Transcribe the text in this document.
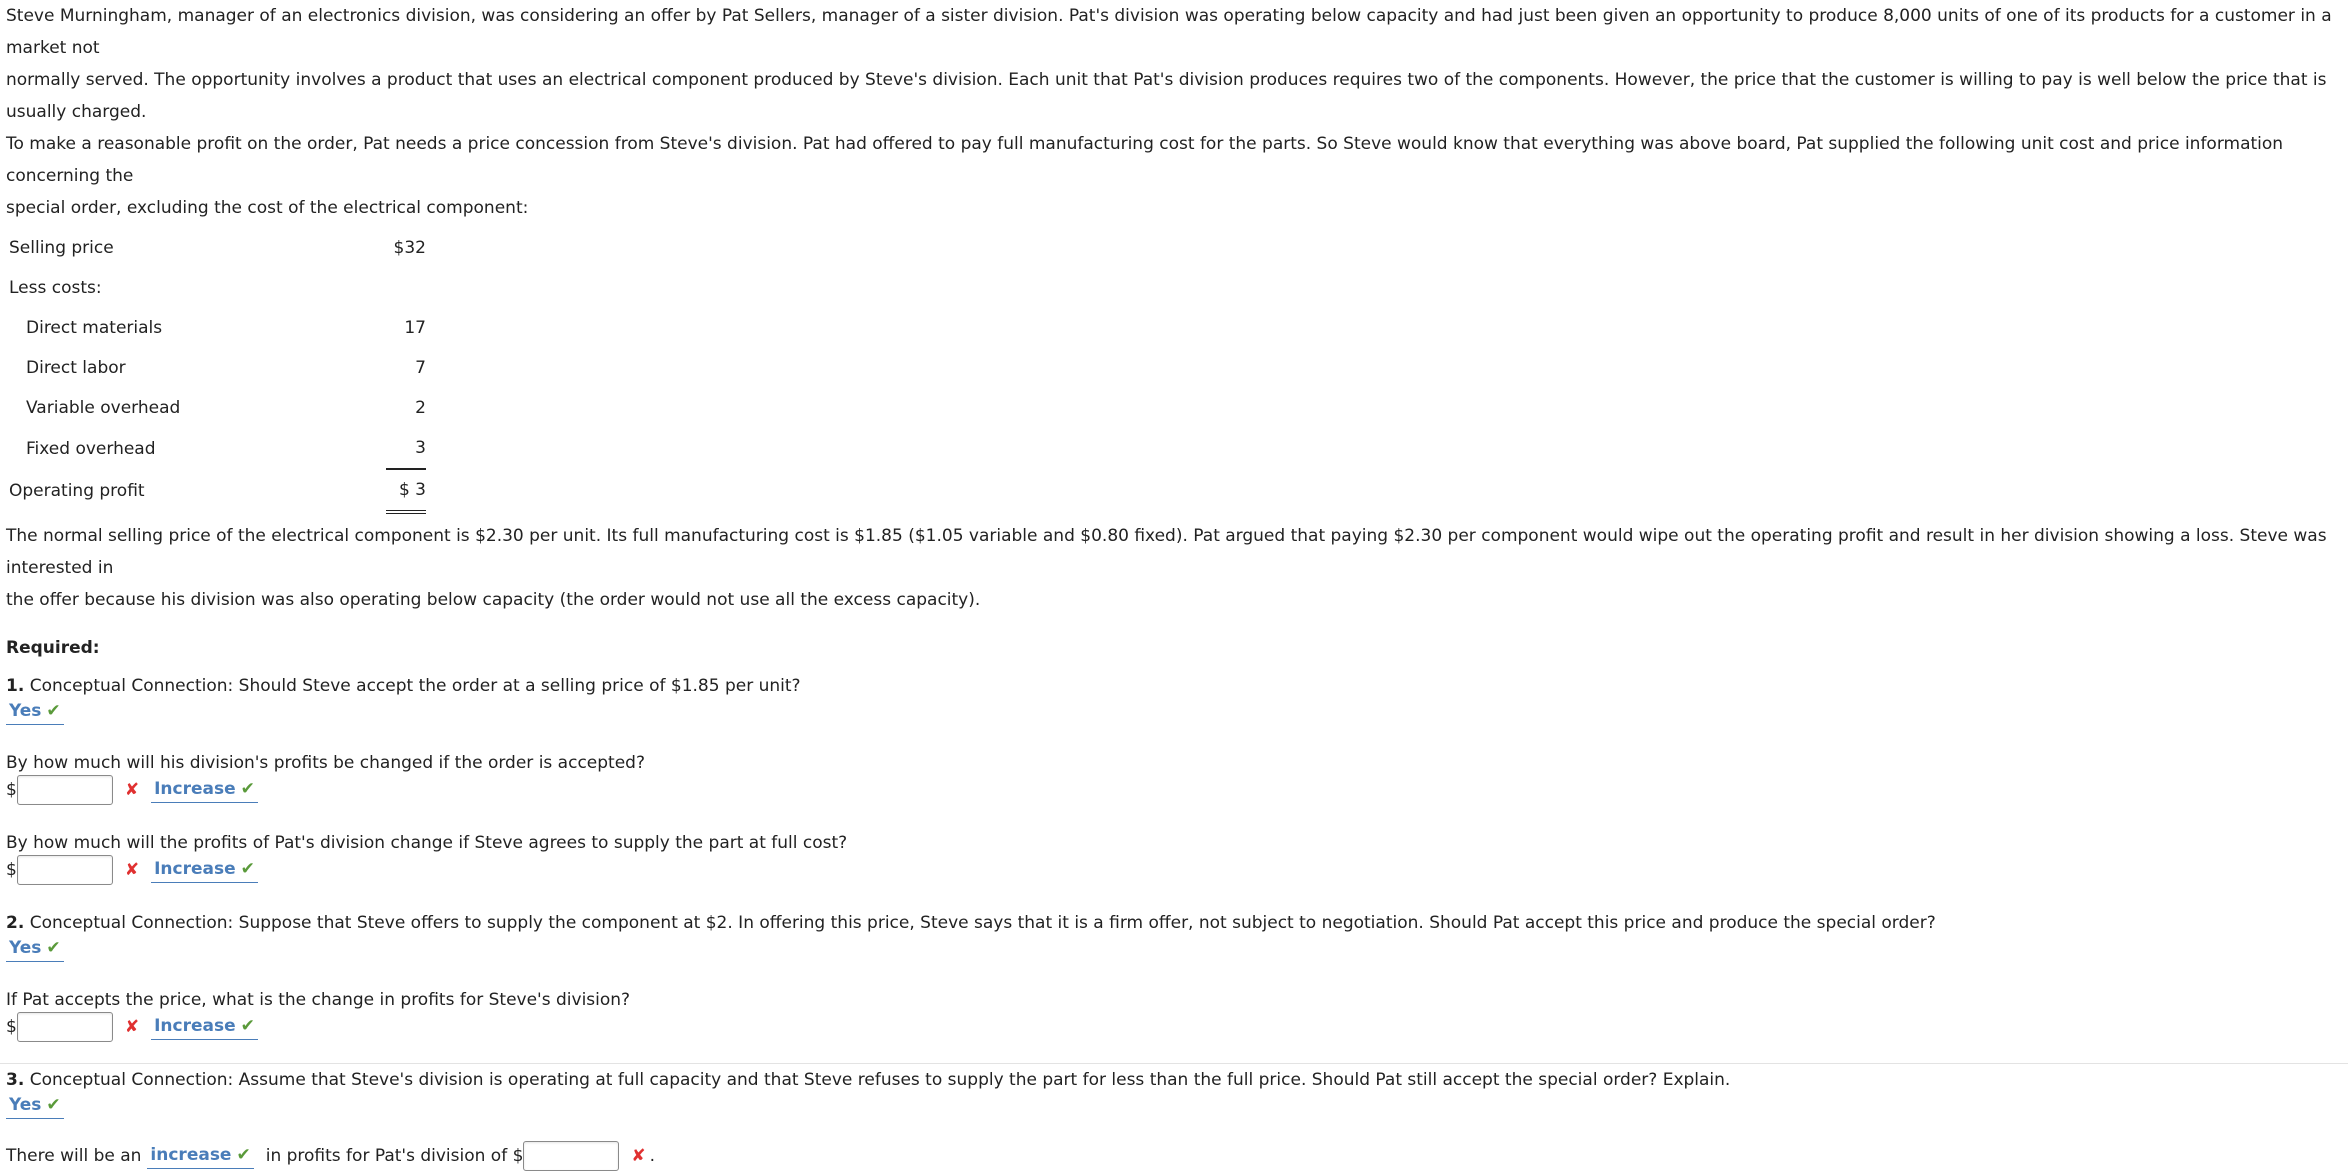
Steve Murningham, manager of an electronics division, was considering an offer by Pat Sellers, manager of a sister division. Pat's division was operating below capacity and had just been given an opportunity to produce 8,000 units of one of its products for a customer in a market not

normally served. The opportunity involves a product that uses an electrical component produced by Steve's division. Each unit that Pat's division produces requires two of the components. However, the price that the customer is willing to pay is well below the price that is usually charged.

To make a reasonable profit on the order, Pat needs a price concession from Steve's division. Pat had offered to pay full manufacturing cost for the parts. So Steve would know that everything was above board, Pat supplied the following unit cost and price information concerning the

special order, excluding the cost of the electrical component:

Selling price	$32
Less costs:	
Direct materials	17
Direct labor	7
Variable overhead	2
Fixed overhead	3
Operating profit	$ 3

The normal selling price of the electrical component is $2.30 per unit. Its full manufacturing cost is $1.85 ($1.05 variable and $0.80 fixed). Pat argued that paying $2.30 per component would wipe out the operating profit and result in her division showing a loss. Steve was interested in

the offer because his division was also operating below capacity (the order would not use all the excess capacity).

Required:
1. Conceptual Connection: Should Steve accept the order at a selling price of $1.85 per unit?
Yes ✔
By how much will his division's profits be changed if the order is accepted?
$	✘ Increase ✔
By how much will the profits of Pat's division change if Steve agrees to supply the part at full cost?
$	✘ Increase ✔
2. Conceptual Connection: Suppose that Steve offers to supply the component at $2. In offering this price, Steve says that it is a firm offer, not subject to negotiation. Should Pat accept this price and produce the special order?
Yes ✔
If Pat accepts the price, what is the change in profits for Steve's division?
$	✘ Increase ✔
3. Conceptual Connection: Assume that Steve's division is operating at full capacity and that Steve refuses to supply the part for less than the full price. Should Pat still accept the special order? Explain.
Yes ✔
There will be an increase ✔ in profits for Pat's division of $	✘ .
